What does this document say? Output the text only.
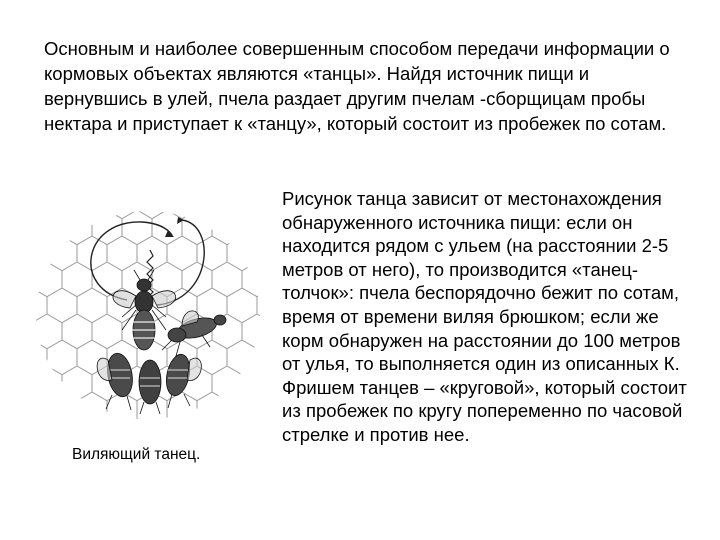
Основным и наиболее совершенным способом передачи информации о кормовых объектах являются «танцы». Найдя источник пищи и вернувшись в улей, пчела раздает другим пчелам -сборщицам пробы нектара и приступает к «танцу», который состоит из пробежек по сотам.

Виляющий танец.

Рисунок танца зависит от местонахождения обнаруженного источника пищи: если он находится рядом с ульем (на расстоянии 2-5 метров от него), то производится «танец-толчок»: пчела беспорядочно бежит по сотам, время от времени виляя брюшком; если же корм обнаружен на расстоянии до 100 метров от улья, то выполняется один из описанных К. Фришем танцев – «круговой», который состоит из пробежек по кругу попеременно по часовой стрелке и против нее.
